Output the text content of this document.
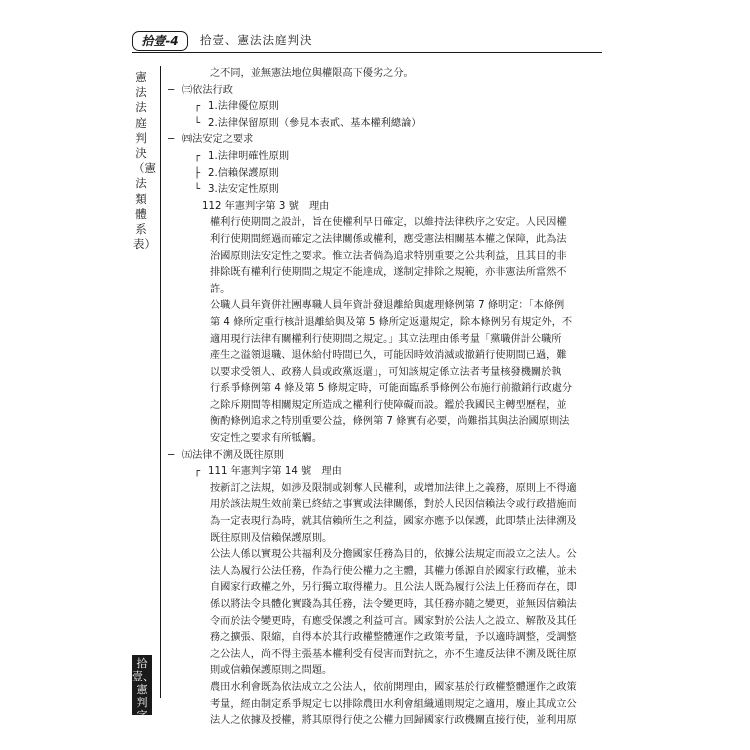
拾壹-4	拾壹、憲法法庭判決
憲法法庭判決（憲法類體系表）
拾壹、憲判字
之不同，並無憲法地位與權限高下優劣之分。
─ ㈢依法行政
┌ 1.法律優位原則
└ 2.法律保留原則（參見本表貳、基本權利總論）
─ ㈣法安定之要求
┌ 1.法律明確性原則
├ 2.信賴保護原則
└ 3.法安定性原則
112 年憲判字第 3 號　理由
權利行使期間之設計，旨在使權利早日確定，以維持法律秩序之安定。人民因權
利行使期間經過而確定之法律關係或權利，應受憲法相關基本權之保障，此為法
治國原則法安定性之要求。惟立法者倘為追求特別重要之公共利益，且其目的非
排除既有權利行使期間之規定不能達成，遂制定排除之規範，亦非憲法所當然不
許。
公職人員年資併社團專職人員年資計發退離給與處理條例第 7 條明定：「本條例
第 4 條所定重行核計退離給與及第 5 條所定返還規定，除本條例另有規定外，不
適用現行法律有關權利行使期間之規定。」其立法理由係考量「黨職併計公職所
產生之溢領退職、退休給付時間已久，可能因時效消滅或撤銷行使期間已過，難
以要求受領人、政務人員或政黨返還」，可知該規定係立法者考量核發機關於執
行系爭條例第 4 條及第 5 條規定時，可能面臨系爭條例公布施行前撤銷行政處分
之除斥期間等相關規定所造成之權利行使障礙而設。鑑於我國民主轉型歷程，並
衡酌條例追求之特別重要公益，條例第 7 條實有必要，尚難指其與法治國原則法
安定性之要求有所牴觸。
─ ㈤法律不溯及既往原則
┌ 111 年憲判字第 14 號　理由
按新訂之法規，如涉及限制或剝奪人民權利，或增加法律上之義務，原則上不得適
用於該法規生效前業已終結之事實或法律關係，對於人民因信賴法令或行政措施而
為一定表現行為時，就其信賴所生之利益，國家亦應予以保護，此即禁止法律溯及
既往原則及信賴保護原則。
公法人係以實現公共福利及分擔國家任務為目的，依據公法規定而設立之法人。公
法人為履行公法任務，作為行使公權力之主體，其權力係源自於國家行政權，並未
自國家行政權之外，另行獨立取得權力。且公法人既為履行公法上任務而存在，即
係以將法令具體化實踐為其任務，法令變更時，其任務亦隨之變更，並無因信賴法
令而於法令變更時，有應受保護之利益可言。國家對於公法人之設立、解散及其任
務之擴張、限縮，自得本於其行政權整體運作之政策考量，予以適時調整，受調整
之公法人，尚不得主張基本權利受有侵害而對抗之，亦不生違反法律不溯及既往原
則或信賴保護原則之問題。
農田水利會既為依法成立之公法人，依前開理由，國家基於行政權整體運作之政策
考量，經由制定系爭規定七以排除農田水利會組織通則規定之適用，廢止其成立公
法人之依據及授權，將其原得行使之公權力回歸國家行政機關直接行使，並利用原
